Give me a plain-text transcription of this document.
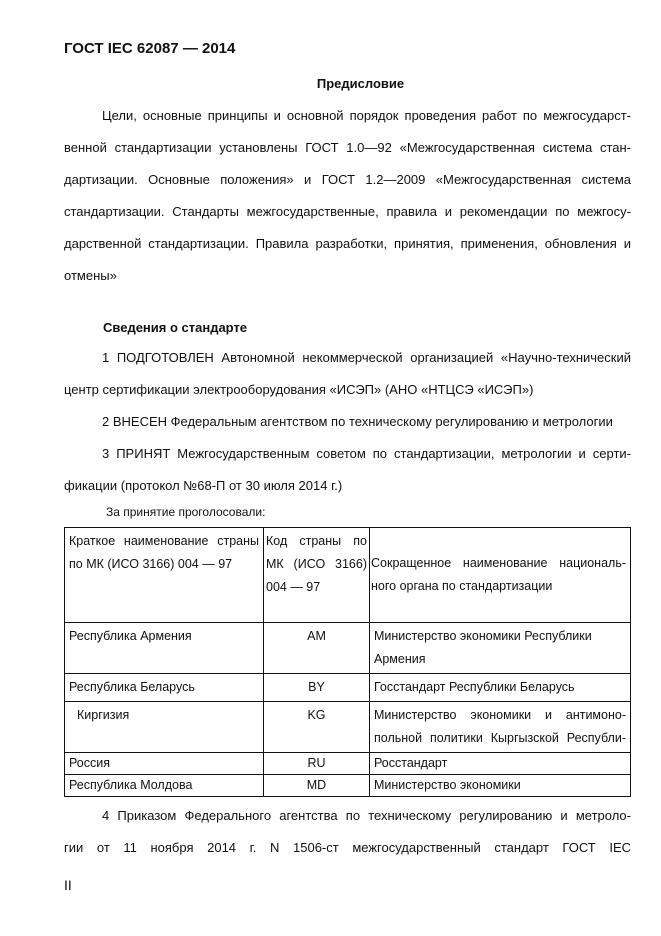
ГОСТ IEC 62087 — 2014
Предисловие
Цели, основные принципы и основной порядок проведения работ по межгосударст-
венной стандартизации установлены ГОСТ 1.0—92 «Межгосударственная система стан-
дартизации. Основные положения» и ГОСТ 1.2—2009 «Межгосударственная система
стандартизации. Стандарты межгосударственные, правила и рекомендации по межгосу-
дарственной стандартизации. Правила разработки, принятия, применения, обновления и
отмены»
Сведения о стандарте
1 ПОДГОТОВЛЕН Автономной некоммерческой организацией «Научно-технический
центр сертификации электрооборудования «ИСЭП» (АНО «НТЦСЭ «ИСЭП»)
2 ВНЕСЕН Федеральным агентством по техническому регулированию и метрологии
3 ПРИНЯТ Межгосударственным советом по стандартизации, метрологии и серти-
фикации (протокол №68-П от 30 июля 2014 г.)
За принятие проголосовали:
Краткое наименование страны
по МК (ИСО 3166) 004 — 97	Код страны по
МК (ИСО 3166)
004 — 97	Сокращенное наименование националь-
ного органа по стандартизации

Республика Армения	AM	Министерство экономики Республики
Армения

Республика Беларусь	BY	Госстандарт Республики Беларусь

Киргизия	KG	Министерство экономики и антимоно-
польной политики Кыргызской Республи-

Россия	RU	Росстандарт

Республика Молдова	MD	Министерство экономики
4 Приказом Федерального агентства по техническому регулированию и метроло-
гии от 11 ноября 2014 г. N 1506-ст межгосударственный стандарт ГОСТ IEC
II
